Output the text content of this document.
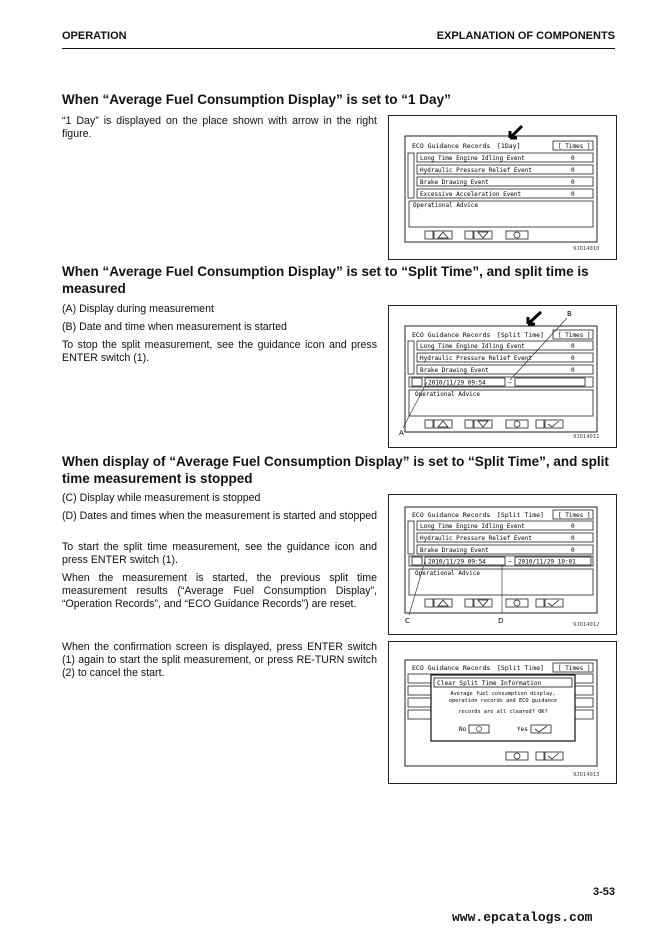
OPERATION	EXPLANATION OF COMPONENTS
When “Average Fuel Consumption Display” is set to “1 Day”
“1 Day” is displayed on the place shown with arrow in the right figure.
When “Average Fuel Consumption Display” is set to “Split Time”, and split time is measured
(A) Display during measurement
(B) Date and time when measurement is started
To stop the split measurement, see the guidance icon and press ENTER switch (1).
When display of “Average Fuel Consumption Display” is set to “Split Time”, and split time measurement is stopped
(C) Display while measurement is stopped
(D) Dates and times when the measurement is started and stopped
To start the split time measurement, see the guidance icon and press ENTER switch (1).
When the measurement is started, the previous split time measurement results (“Average Fuel Consumption Display”, “Operation Records”, and “ECO Guidance Records”) are reset.
When the confirmation screen is displayed, press ENTER switch (1) again to start the split measurement, or press RE-TURN switch (2) to cancel the start.
ECO Guidance Records [1Day]	[ Times ]
Long Time Engine Idling Event	0
Hydraulic Pressure Relief Event	0
Brake Drawing Event	0
Excessive Acceleration Event	0
Operational Advice
9JD14010
ECO Guidance Records [Split Time] [ Times ]
Long Time Engine Idling Event	0
Hydraulic Pressure Relief Event	0
Brake Drawing Event	0
2010/11/29 09:54	–
Operational Advice
A
B
9JD14011
ECO Guidance Records [Split Time] [ Times ]
Long Time Engine Idling Event	0
Hydraulic Pressure Relief Event	0
Brake Drawing Event	0
2010/11/29 09:54	– 2010/11/29 10:01
Operational Advice
C	D	9JD14012
ECO Guidance Records [Split Time] [ Times ]
Clear Split Time Information
Average fuel consumption display,
operation records and ECO guidance
records are all cleared? OK?
No	Yes
9JD14013
3-53
www.epcatalogs.com
